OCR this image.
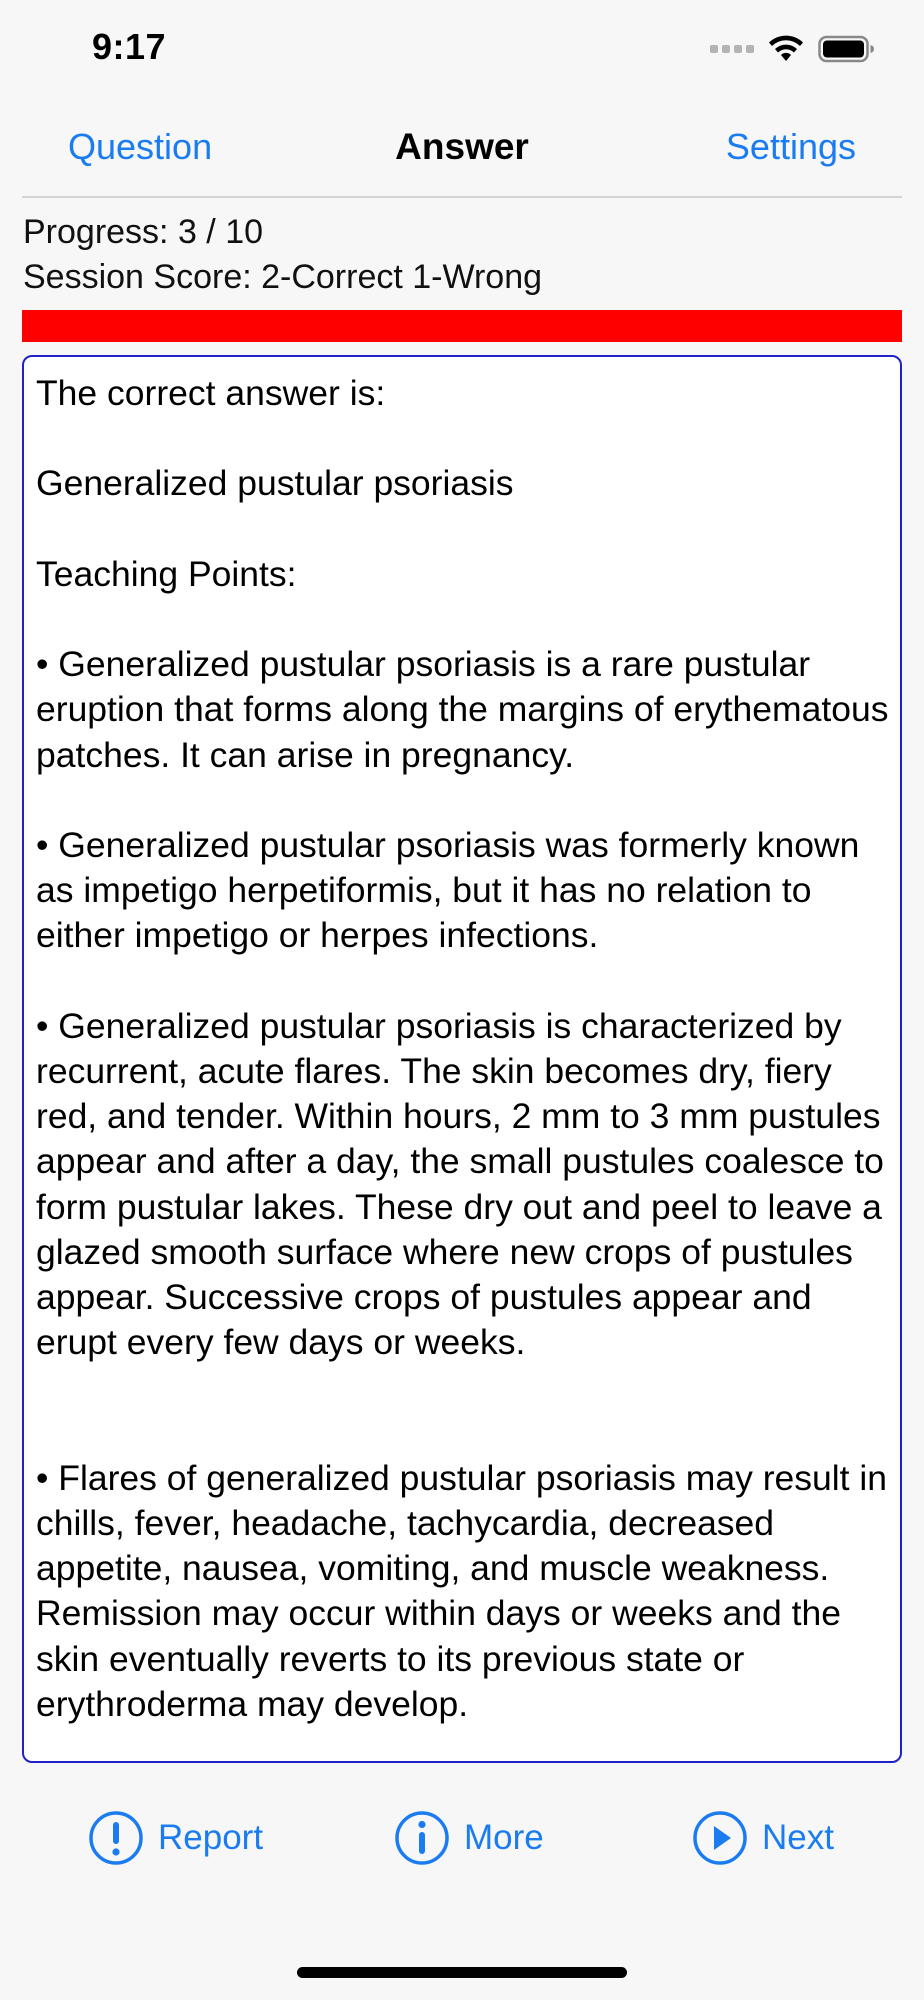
9:17
Question	Answer	Settings
Progress: 3 / 10
Session Score: 2-Correct 1-Wrong

The correct answer is:

Generalized pustular psoriasis

Teaching Points:

• Generalized pustular psoriasis is a rare pustular eruption that forms along the margins of erythematous patches. It can arise in pregnancy.

• Generalized pustular psoriasis was formerly known as impetigo herpetiformis, but it has no relation to either impetigo or herpes infections.

• Generalized pustular psoriasis is characterized by recurrent, acute flares. The skin becomes dry, fiery red, and tender. Within hours, 2 mm to 3 mm pustules appear and after a day, the small pustules coalesce to form pustular lakes. These dry out and peel to leave a glazed smooth surface where new crops of pustules appear. Successive crops of pustules appear and erupt every few days or weeks.

• Flares of generalized pustular psoriasis may result in chills, fever, headache, tachycardia, decreased appetite, nausea, vomiting, and muscle weakness. Remission may occur within days or weeks and the skin eventually reverts to its previous state or erythroderma may develop.

Report	More	Next
